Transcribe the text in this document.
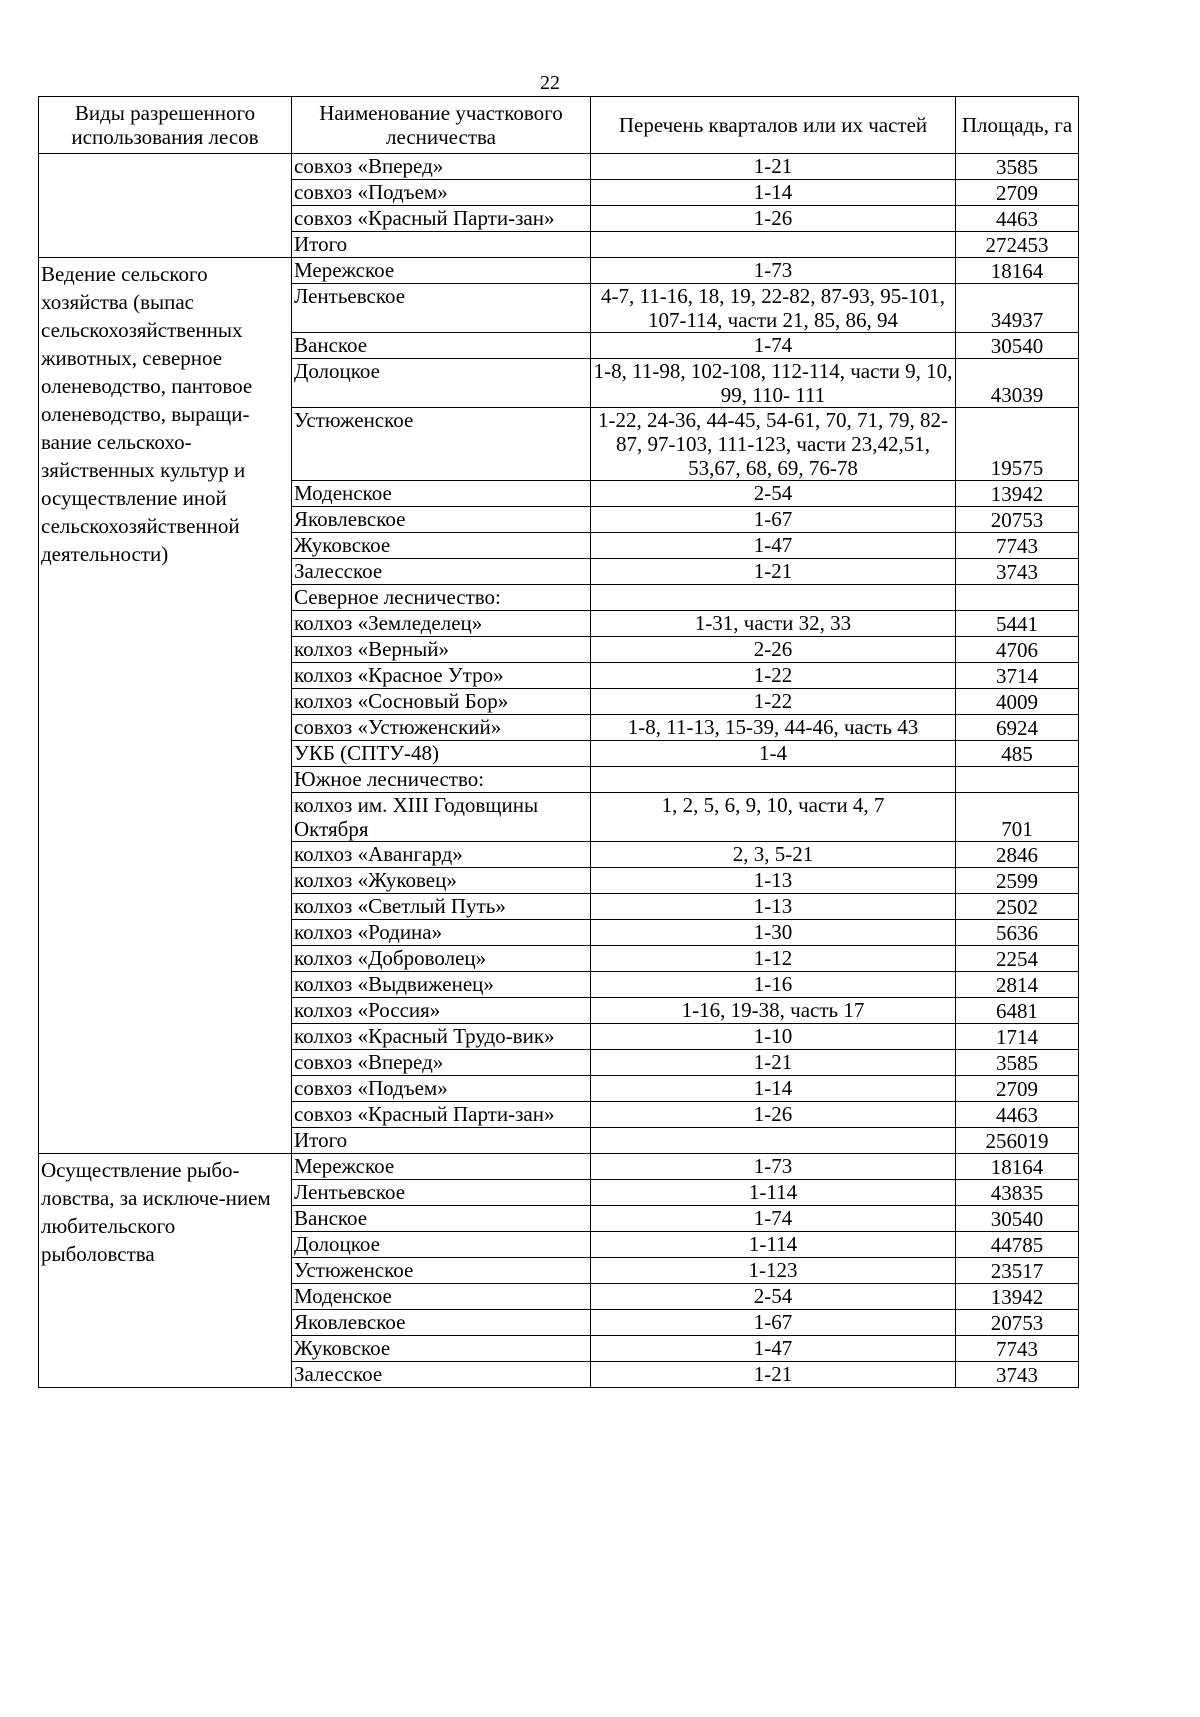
22
Виды разрешенного использования лесов	Наименование участкового лесничества	Перечень кварталов или их частей	Площадь, га
	совхоз «Вперед»	1-21	3585
	совхоз «Подъем»	1-14	2709
	совхоз «Красный Парти-зан»	1-26	4463
	Итого		272453
Ведение сельского хозяйства (выпас сельскохозяйственных животных, северное оленеводство, пантовое оленеводство, выращи-вание сельскохо-зяйственных культур и осуществление иной сельскохозяйственной деятельности)	Мережское	1-73	18164
	Лентьевское	4-7, 11-16, 18, 19, 22-82, 87-93, 95-101, 107-114, части 21, 85, 86, 94	34937
	Ванское	1-74	30540
	Долоцкое	1-8, 11-98, 102-108, 112-114, части 9, 10, 99, 110- 111	43039
	Устюженское	1-22, 24-36, 44-45, 54-61, 70, 71, 79, 82-87, 97-103, 111-123, части 23,42,51, 53,67, 68, 69, 76-78	19575
	Моденское	2-54	13942
	Яковлевское	1-67	20753
	Жуковское	1-47	7743
	Залесское	1-21	3743
	Северное лесничество:		
	колхоз «Земледелец»	1-31, части 32, 33	5441
	колхоз «Верный»	2-26	4706
	колхоз «Красное Утро»	1-22	3714
	колхоз «Сосновый Бор»	1-22	4009
	совхоз «Устюженский»	1-8, 11-13, 15-39, 44-46, часть 43	6924
	УКБ (СПТУ-48)	1-4	485
	Южное лесничество:		
	колхоз им. XIII Годовщины Октября	1, 2, 5, 6, 9, 10, части 4, 7	701
	колхоз «Авангард»	2, 3, 5-21	2846
	колхоз «Жуковец»	1-13	2599
	колхоз «Светлый Путь»	1-13	2502
	колхоз «Родина»	1-30	5636
	колхоз «Доброволец»	1-12	2254
	колхоз «Выдвиженец»	1-16	2814
	колхоз «Россия»	1-16, 19-38, часть 17	6481
	колхоз «Красный Трудо-вик»	1-10	1714
	совхоз «Вперед»	1-21	3585
	совхоз «Подъем»	1-14	2709
	совхоз «Красный Парти-зан»	1-26	4463
	Итого		256019
Осуществление рыбо-ловства, за исключе-нием любительского рыболовства	Мережское	1-73	18164
	Лентьевское	1-114	43835
	Ванское	1-74	30540
	Долоцкое	1-114	44785
	Устюженское	1-123	23517
	Моденское	2-54	13942
	Яковлевское	1-67	20753
	Жуковское	1-47	7743
	Залесское	1-21	3743
